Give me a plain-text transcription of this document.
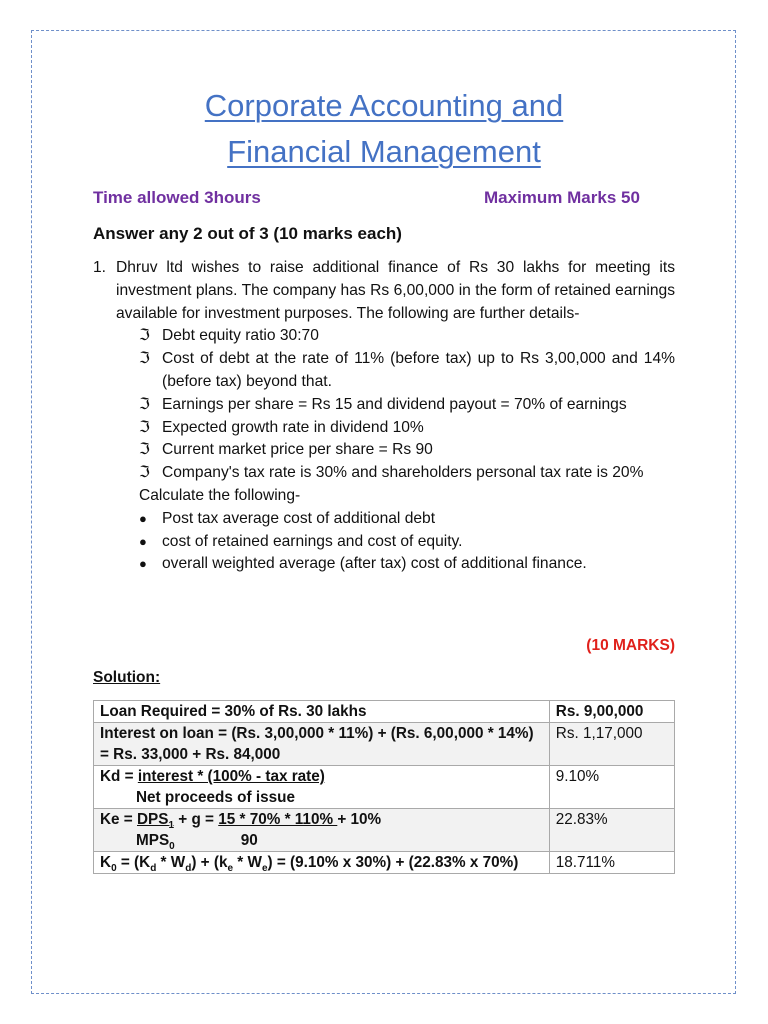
Corporate Accounting and
Financial Management
Time allowed 3hours	Maximum Marks 50
Answer any 2 out of 3 (10 marks each)
1. Dhruv ltd wishes to raise additional finance of Rs 30 lakhs for meeting its investment plans. The company has Rs 6,00,000 in the form of retained earnings available for investment purposes. The following are further details-
ℑ Debt equity ratio 30:70
ℑ Cost of debt at the rate of 11% (before tax) up to Rs 3,00,000 and 14% (before tax) beyond that.
ℑ Earnings per share = Rs 15 and dividend payout = 70% of earnings
ℑ Expected growth rate in dividend 10%
ℑ Current market price per share = Rs 90
ℑ Company's tax rate is 30% and shareholders personal tax rate is 20%
Calculate the following-
● Post tax average cost of additional debt
● cost of retained earnings and cost of equity.
● overall weighted average (after tax) cost of additional finance.
(10 MARKS)
Solution:
Loan Required = 30% of Rs. 30 lakhs	Rs. 9,00,000
Interest on loan = (Rs. 3,00,000 * 11%) + (Rs. 6,00,000 * 14%) = Rs. 33,000 + Rs. 84,000	Rs. 1,17,000
Kd = interest * (100% - tax rate)
Net proceeds of issue	9.10%
$Ke = DPS_1 + g = 15 * 70\% * 110\% + 10\%$
$MPS_0$ 90	22.83%
$K_0 = (K_d * W_d) + (k_e * W_e) = (9.10\%$ x 30%) + (22.83% x 70%)	18.711%
